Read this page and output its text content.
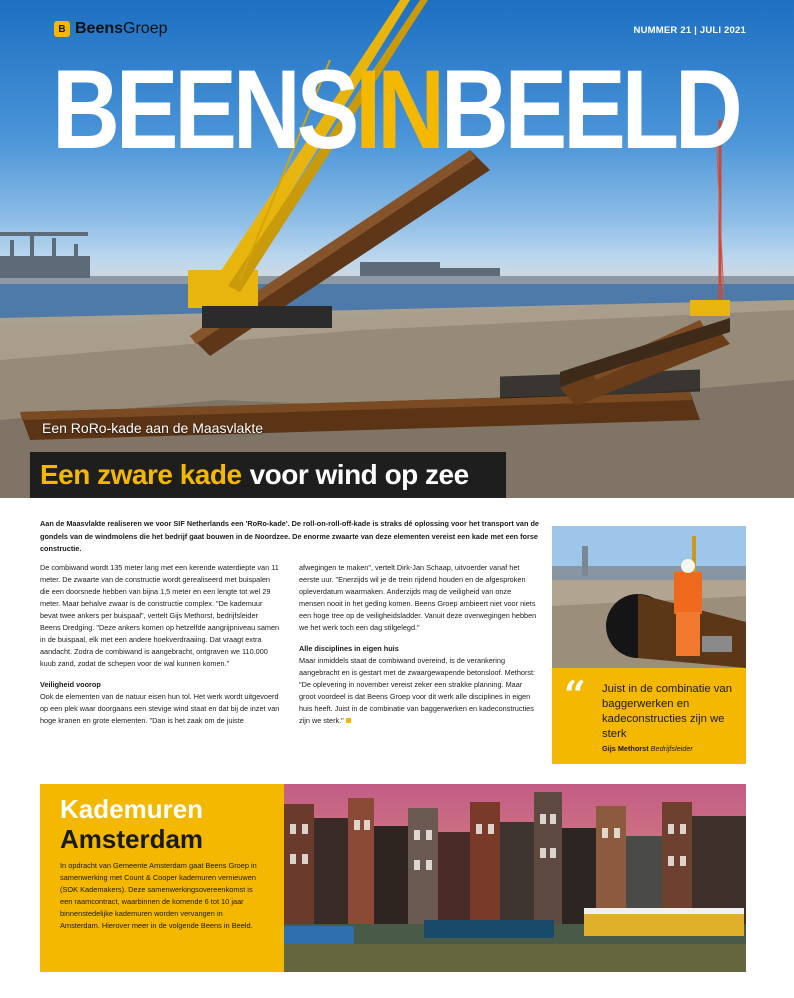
B BeensGroep	NUMMER 21 | JULI 2021
BEENSINBEELD
Een RoRo-kade aan de Maasvlakte
Een zware kade voor wind op zee
Aan de Maasvlakte realiseren we voor SIF Netherlands een 'RoRo-kade'. De roll-on-roll-off-kade is straks dé oplossing voor het transport van de gondels van de windmolens die het bedrijf gaat bouwen in de Noordzee. De enorme zwaarte van deze elementen vereist een kade met een forse constructie.

De combiwand wordt 135 meter lang met een kerende waterdiepte van 11 meter. De zwaarte van de constructie wordt gerealiseerd met buispalen die een doorsnede hebben van bijna 1,5 meter en een lengte tot wel 29 meter. Maar behalve zwaar is de constructie complex. "De kademuur bevat twee ankers per buispaal", vertelt Gijs Methorst, bedrijfsleider Beens Dredging. "Deze ankers komen op hetzelfde aangrijpniveau samen in de buispaal, elk met een andere hoekverdraaiing. Dat vraagt extra aandacht. Zodra de combiwand is aangebracht, ontgraven we 110.000 kuub zand, zodat de schepen voor de wal kunnen komen."

Veiligheid voorop

Ook de elementen van de natuur eisen hun tol. Het werk wordt uitgevoerd op een plek waar doorgaans een stevige wind staat en dat bij de inzet van hoge kranen en grote elementen. "Dan is het zaak om de juiste

afwegingen te maken", vertelt Dirk-Jan Schaap, uitvoerder vanaf het eerste uur. "Enerzijds wil je de trein rijdend houden en de afgesproken opleverdatum waarmaken. Anderzijds mag de veiligheid van onze mensen nooit in het geding komen. Beens Groep ambieert niet voor niets een hoge tree op de veiligheidsladder. Vanuit deze overwegingen hebben we het werk toch een dag stilgelegd."

Alle disciplines in eigen huis

Maar inmiddels staat de combiwand overeind, is de verankering aangebracht en is gestart met de zwaargewapende betonsloof. Methorst: "De oplevering in november vereist zeker een strakke planning. Maar groot voordeel is dat Beens Groep voor dit werk alle disciplines in eigen huis heeft. Juist in de combinatie van baggerwerken en kadeconstructies zijn we sterk."

“ Juist in de combinatie van baggerwerken en kadeconstructies zijn we sterk
Gijs Methorst Bedrijfsleider
Kademuren
Amsterdam
In opdracht van Gemeente Amsterdam gaat Beens Groep in samenwerking met Count & Cooper kademuren vernieuwen (SOK Kademakers). Deze samenwerkingsovereenkomst is een raamcontract, waarbinnen de komende 6 tot 10 jaar binnenstedelijke kademuren worden vervangen in Amsterdam. Hierover meer in de volgende Beens in Beeld.
